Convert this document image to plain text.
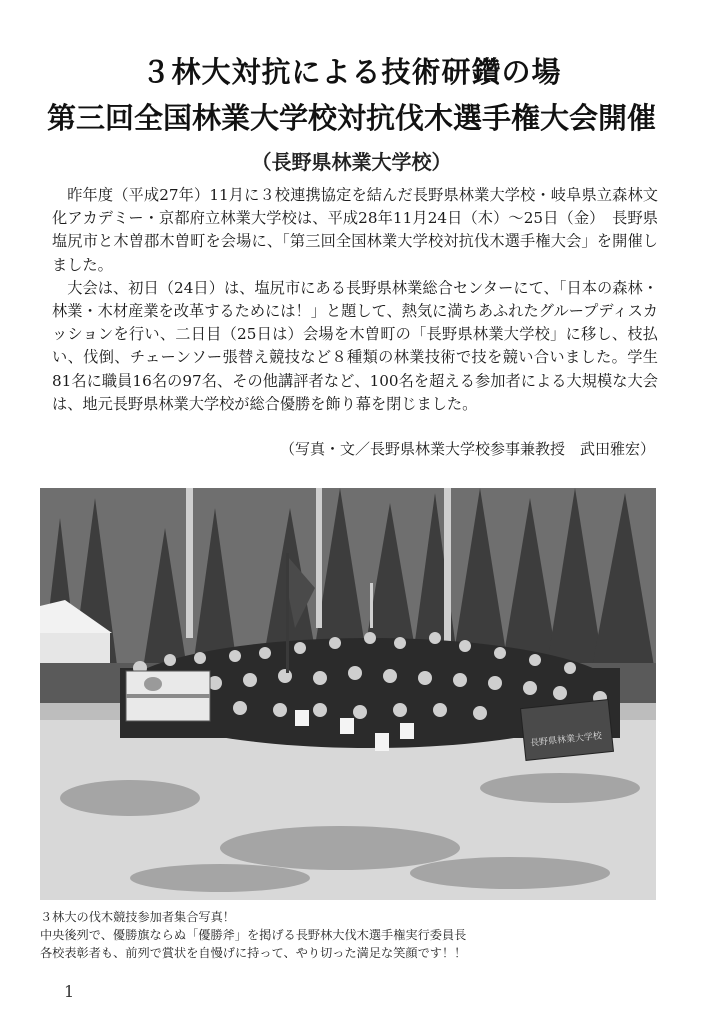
３林大対抗による技術研鑽の場
第三回全国林業大学校対抗伐木選手権大会開催
（長野県林業大学校）

昨年度（平成27年）11月に３校連携協定を結んだ長野県林業大学校・岐阜県立森林文化アカデミー・京都府立林業大学校は、平成28年11月24日（木）～25日（金）　長野県塩尻市と木曽郡木曽町を会場に、「第三回全国林業大学校対抗伐木選手権大会」を開催しました。

大会は、初日（24日）は、塩尻市にある長野県林業総合センターにて、「日本の森林・林業・木材産業を改革するためには！」と題して、熱気に満ちあふれたグループディスカッションを行い、二日目（25日は）会場を木曽町の「長野県林業大学校」に移し、枝払い、伐倒、チェーンソー張替え競技など８種類の林業技術で技を競い合いました。学生81名に職員16名の97名、その他講評者など、100名を超える参加者による大規模な大会は、地元長野県林業大学校が総合優勝を飾り幕を閉じました。

（写真・文／長野県林業大学校参事兼教授　武田雅宏）
長野県林業大学校
３林大の伐木競技参加者集合写真！
中央後列で、優勝旗ならぬ「優勝斧」を掲げる長野林大伐木選手権実行委員長
各校表彰者も、前列で賞状を自慢げに持って、やり切った満足な笑顔です！！
1
